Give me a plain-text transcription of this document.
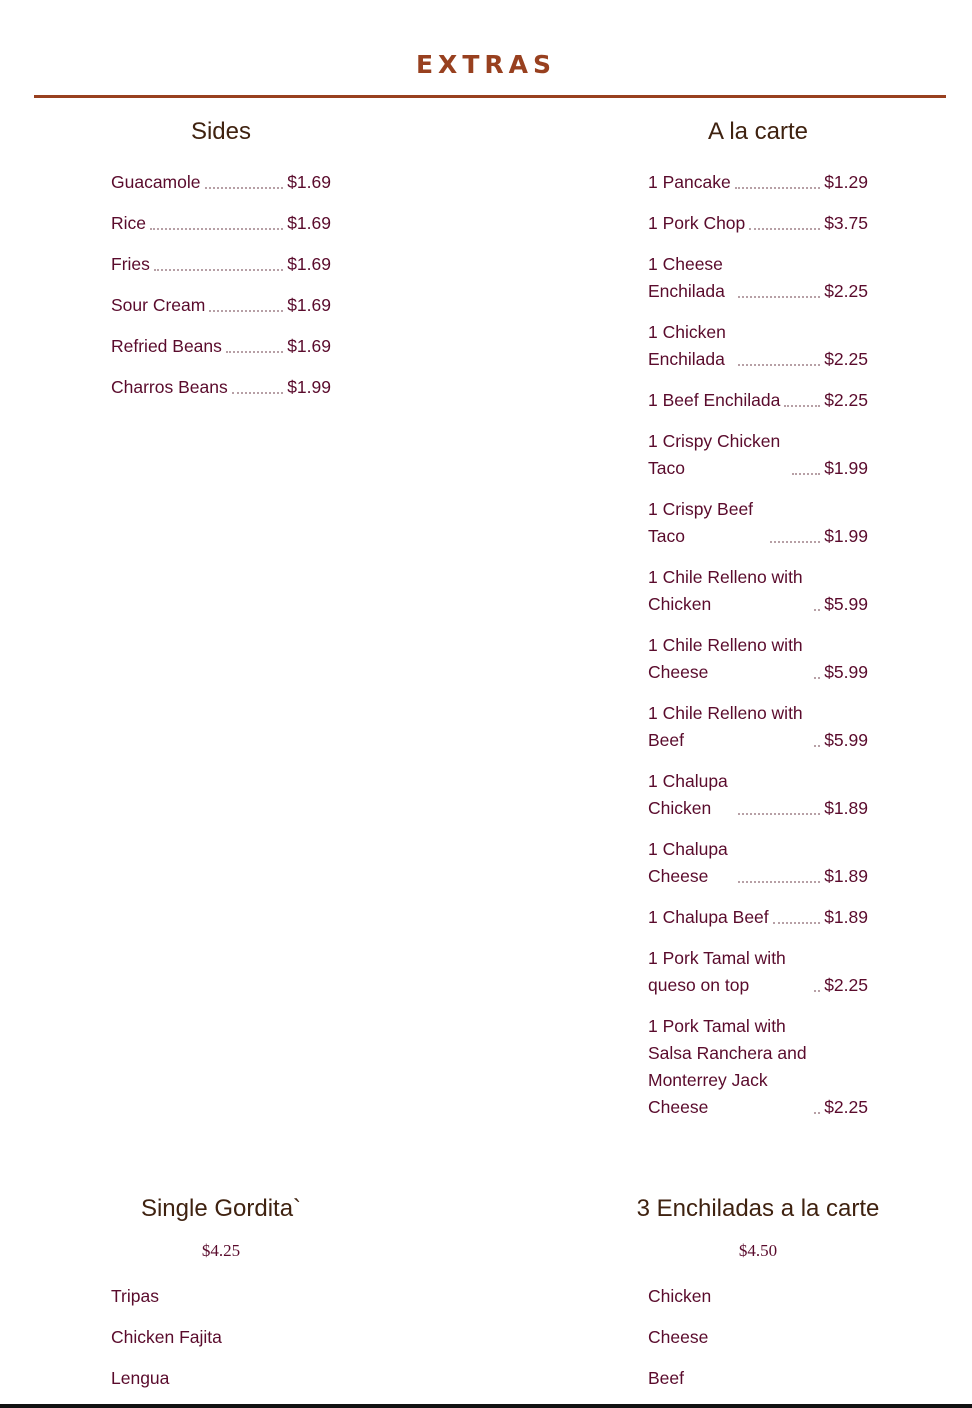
EXTRAS
Sides
Guacamole	$1.69
Rice	$1.69
Fries	$1.69
Sour Cream	$1.69
Refried Beans	$1.69
Charros Beans	$1.99
A la carte
1 Pancake	$1.29
1 Pork Chop	$3.75
1 Cheese Enchilada	$2.25
1 Chicken Enchilada	$2.25
1 Beef Enchilada	$2.25
1 Crispy Chicken Taco	$1.99
1 Crispy Beef Taco	$1.99
1 Chile Relleno with Chicken	$5.99
1 Chile Relleno with Cheese	$5.99
1 Chile Relleno with Beef	$5.99
1 Chalupa Chicken	$1.89
1 Chalupa Cheese	$1.89
1 Chalupa Beef	$1.89
1 Pork Tamal with queso on top	$2.25
1 Pork Tamal with Salsa Ranchera and Monterrey Jack Cheese	$2.25
Single Gordita`
$4.25
Tripas
Chicken Fajita
Lengua
3 Enchiladas a la carte
$4.50
Chicken
Cheese
Beef
